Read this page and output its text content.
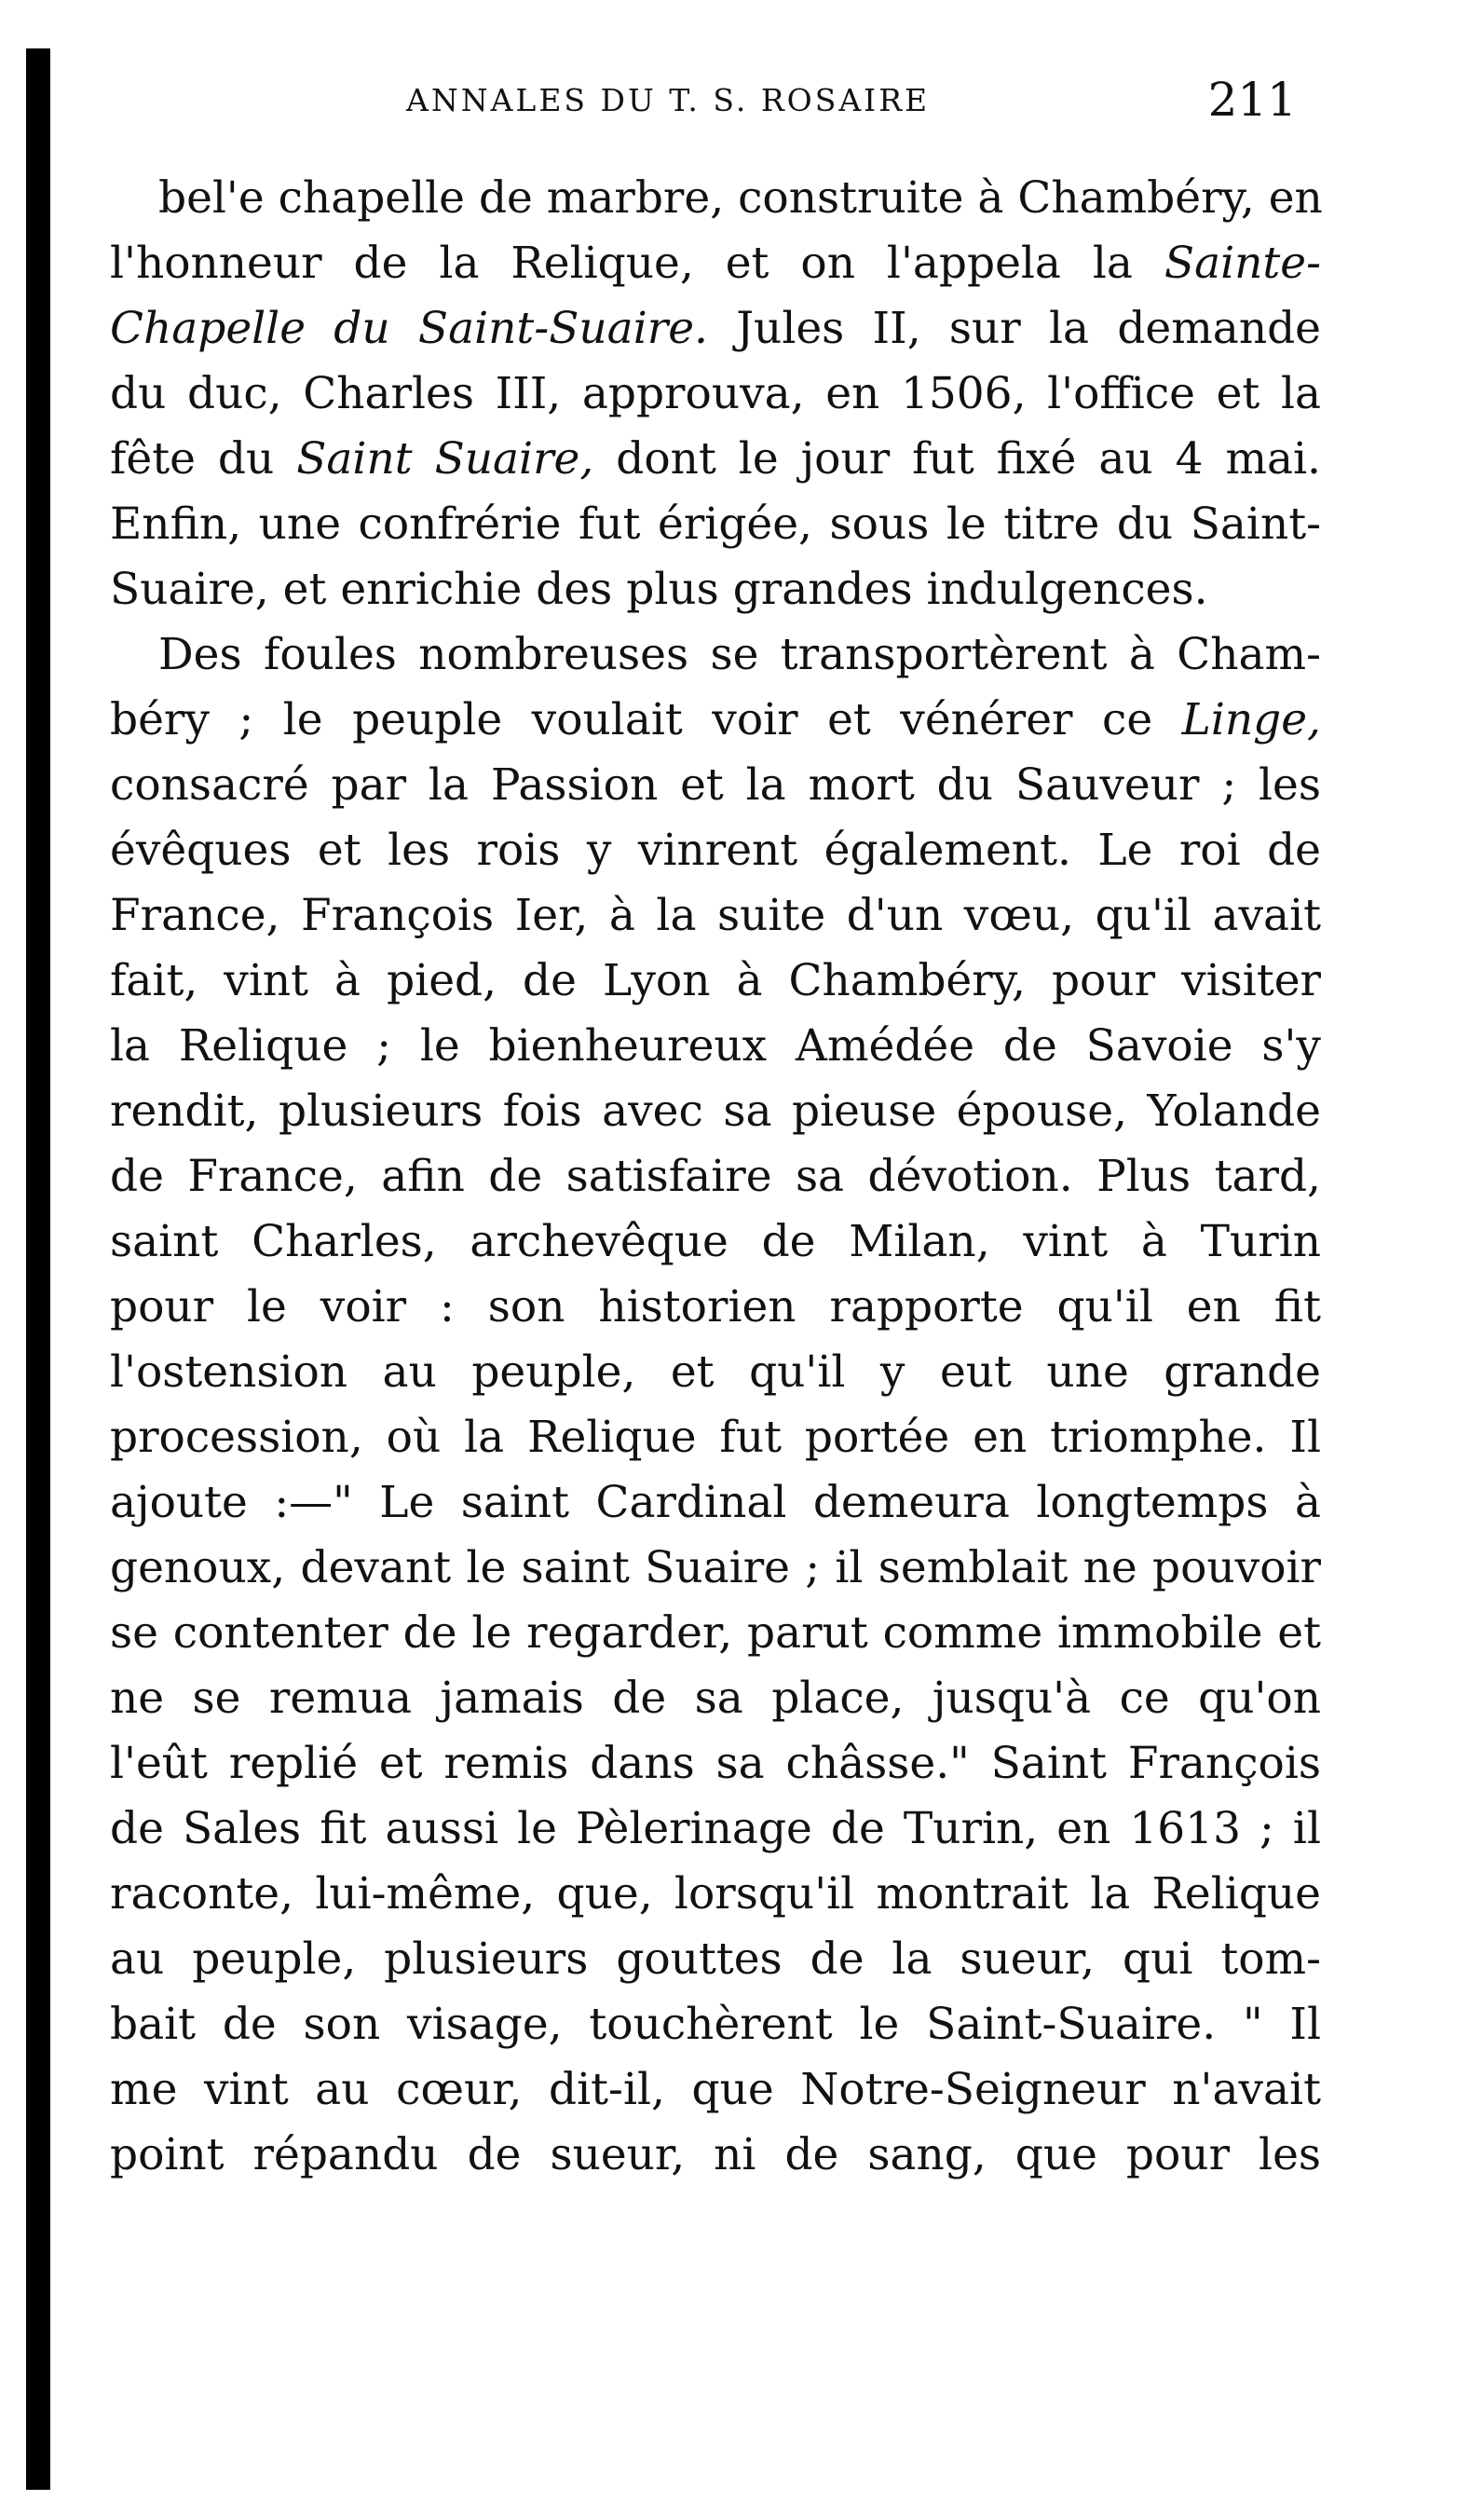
ANNALES DU T. S. ROSAIRE	211
bel'e chapelle de marbre, construite à Chambéry, en
l'honneur de la Relique, et on l'appela la Sainte-
Chapelle du Saint-Suaire. Jules II, sur la demande
du duc, Charles III, approuva, en 1506, l'office et la
fête du Saint Suaire, dont le jour fut fixé au 4 mai.
Enfin, une confrérie fut érigée, sous le titre du Saint-
Suaire, et enrichie des plus grandes indulgences.
Des foules nombreuses se transportèrent à Cham-
béry ; le peuple voulait voir et vénérer ce Linge,
consacré par la Passion et la mort du Sauveur ; les
évêques et les rois y vinrent également. Le roi de
France, François Ier, à la suite d'un vœu, qu'il avait
fait, vint à pied, de Lyon à Chambéry, pour visiter
la Relique ; le bienheureux Amédée de Savoie s'y
rendit, plusieurs fois avec sa pieuse épouse, Yolande
de France, afin de satisfaire sa dévotion. Plus tard,
saint Charles, archevêque de Milan, vint à Turin
pour le voir : son historien rapporte qu'il en fit
l'ostension au peuple, et qu'il y eut une grande
procession, où la Relique fut portée en triomphe. Il
ajoute :—" Le saint Cardinal demeura longtemps à
genoux, devant le saint Suaire ; il semblait ne pouvoir
se contenter de le regarder, parut comme immobile et
ne se remua jamais de sa place, jusqu'à ce qu'on
l'eût replié et remis dans sa châsse." Saint François
de Sales fit aussi le Pèlerinage de Turin, en 1613 ; il
raconte, lui-même, que, lorsqu'il montrait la Relique
au peuple, plusieurs gouttes de la sueur, qui tom-
bait de son visage, touchèrent le Saint-Suaire. " Il
me vint au cœur, dit-il, que Notre-Seigneur n'avait
point répandu de sueur, ni de sang, que pour les
